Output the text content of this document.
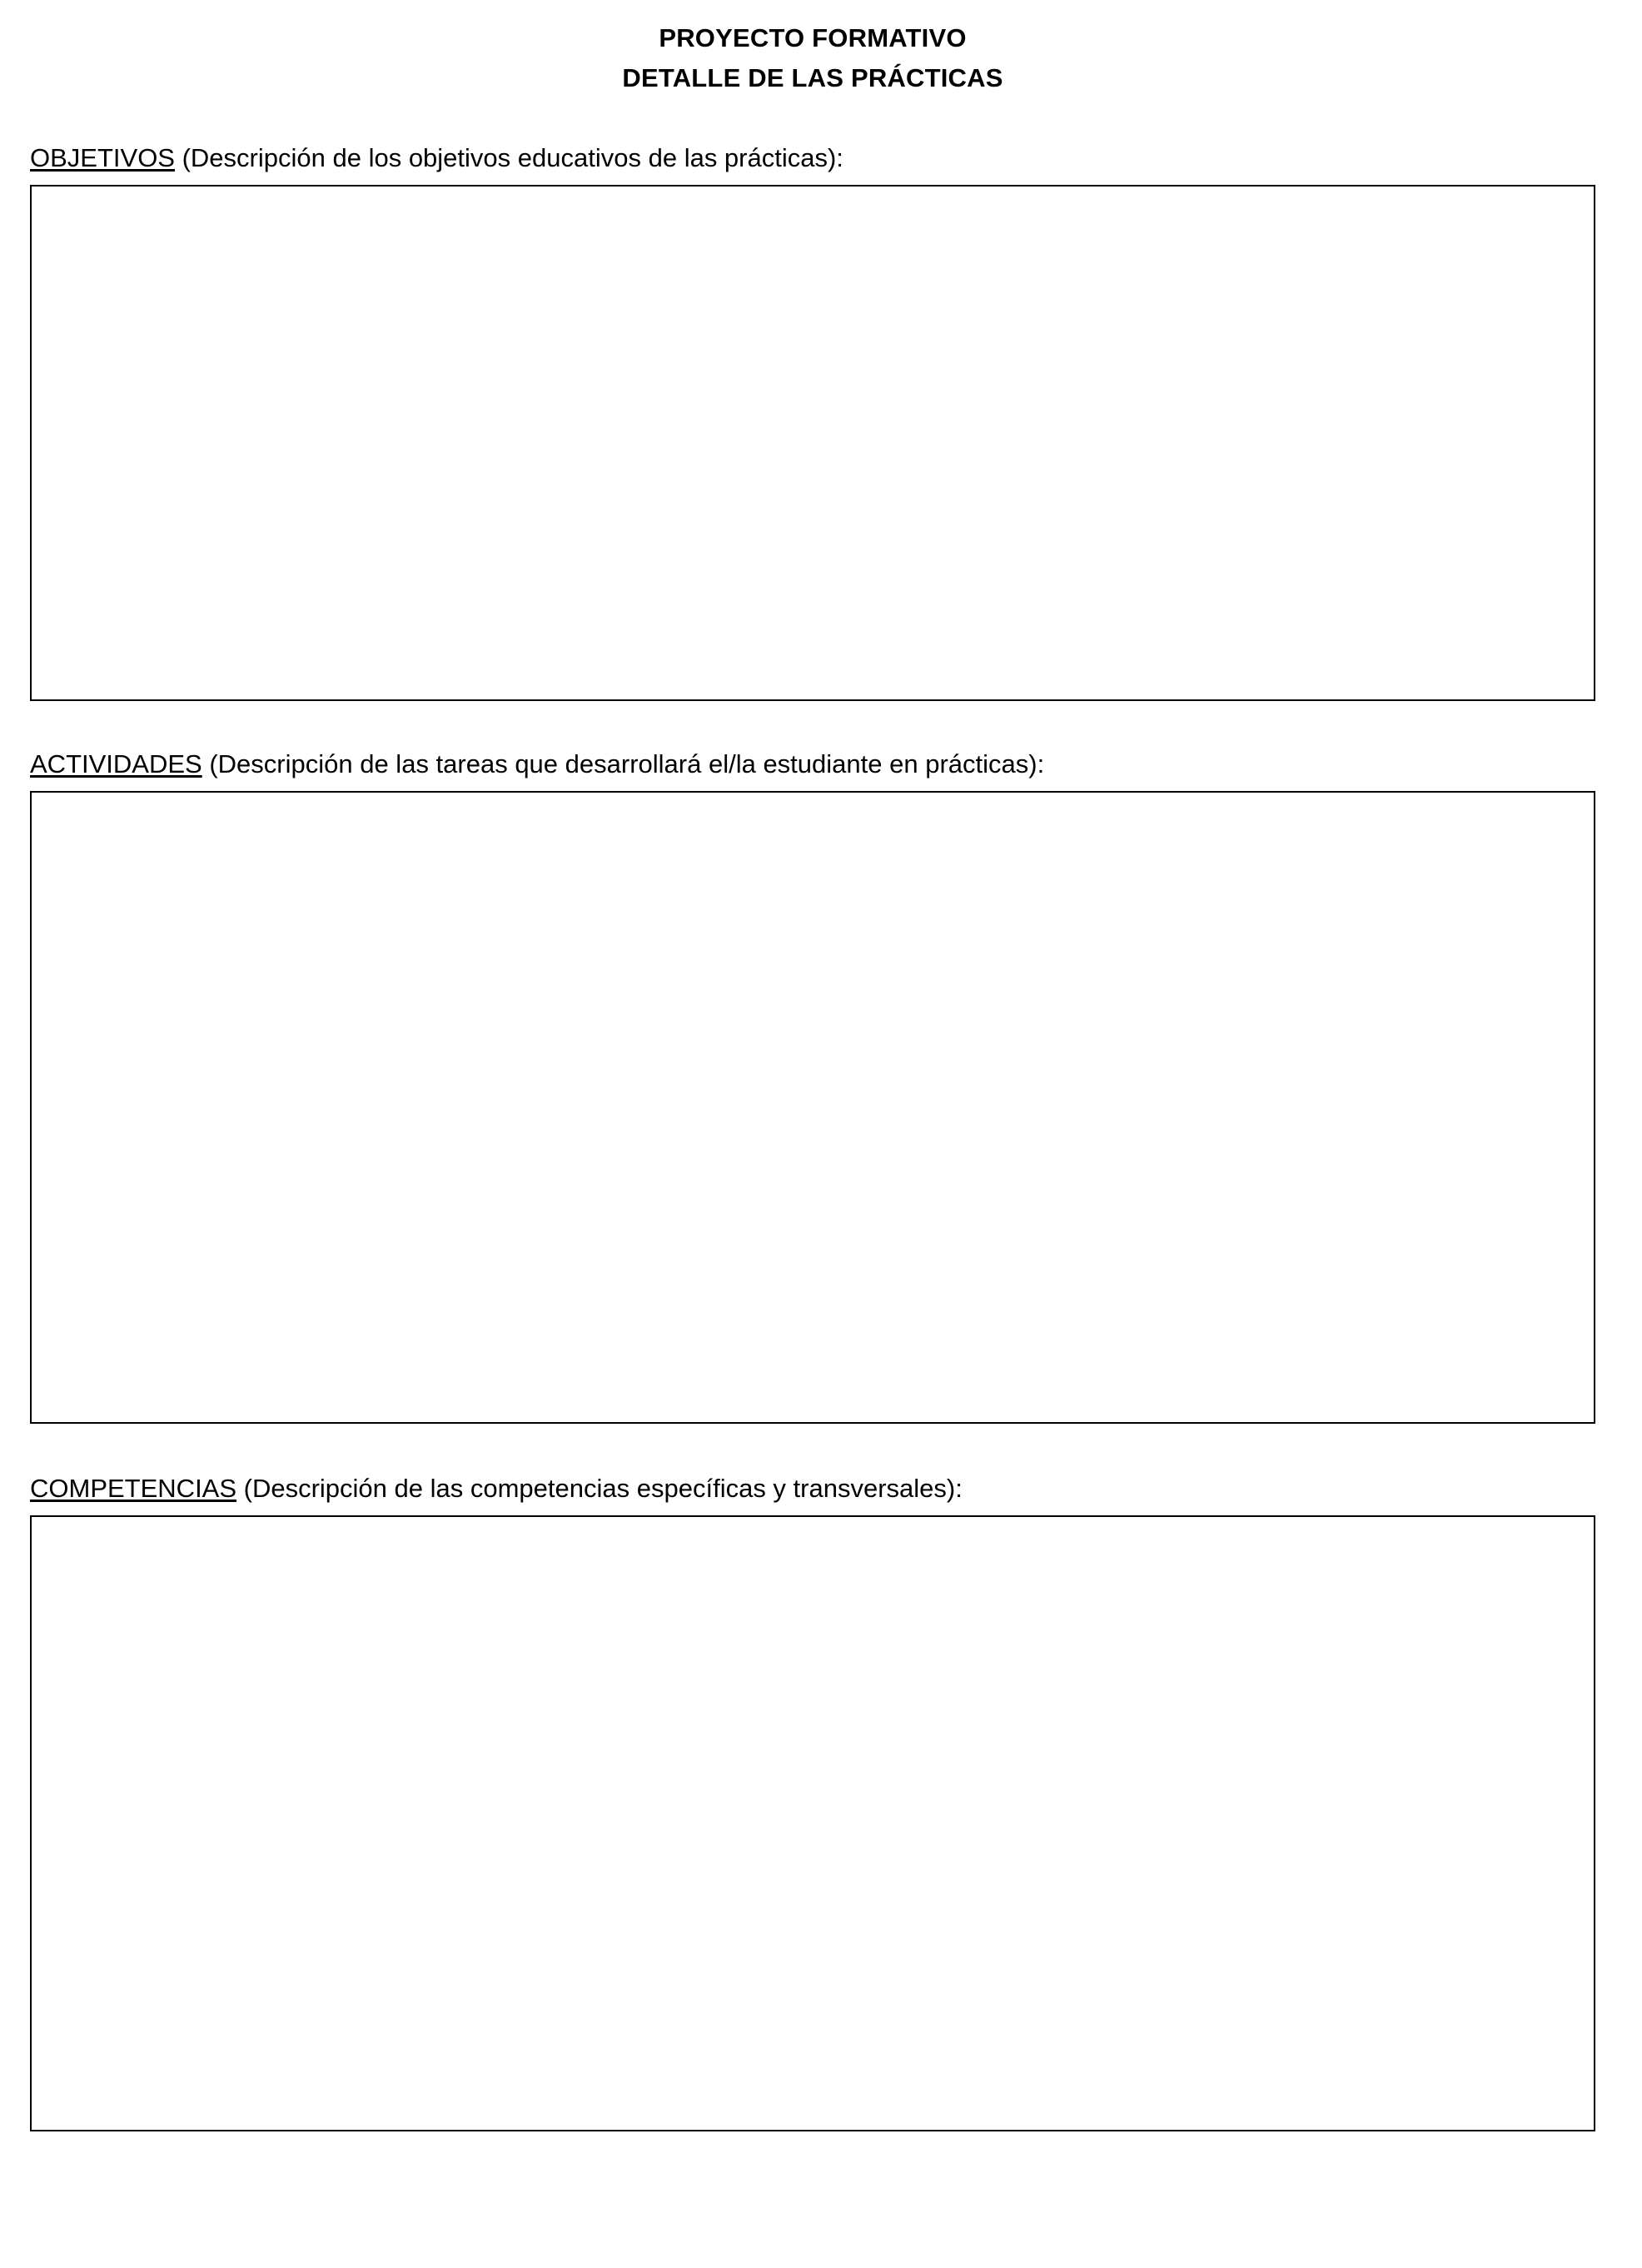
PROYECTO FORMATIVO
DETALLE DE LAS PRÁCTICAS
OBJETIVOS (Descripción de los objetivos educativos de las prácticas):
ACTIVIDADES (Descripción de las tareas que desarrollará el/la estudiante en prácticas):
COMPETENCIAS (Descripción de las competencias específicas y transversales):
